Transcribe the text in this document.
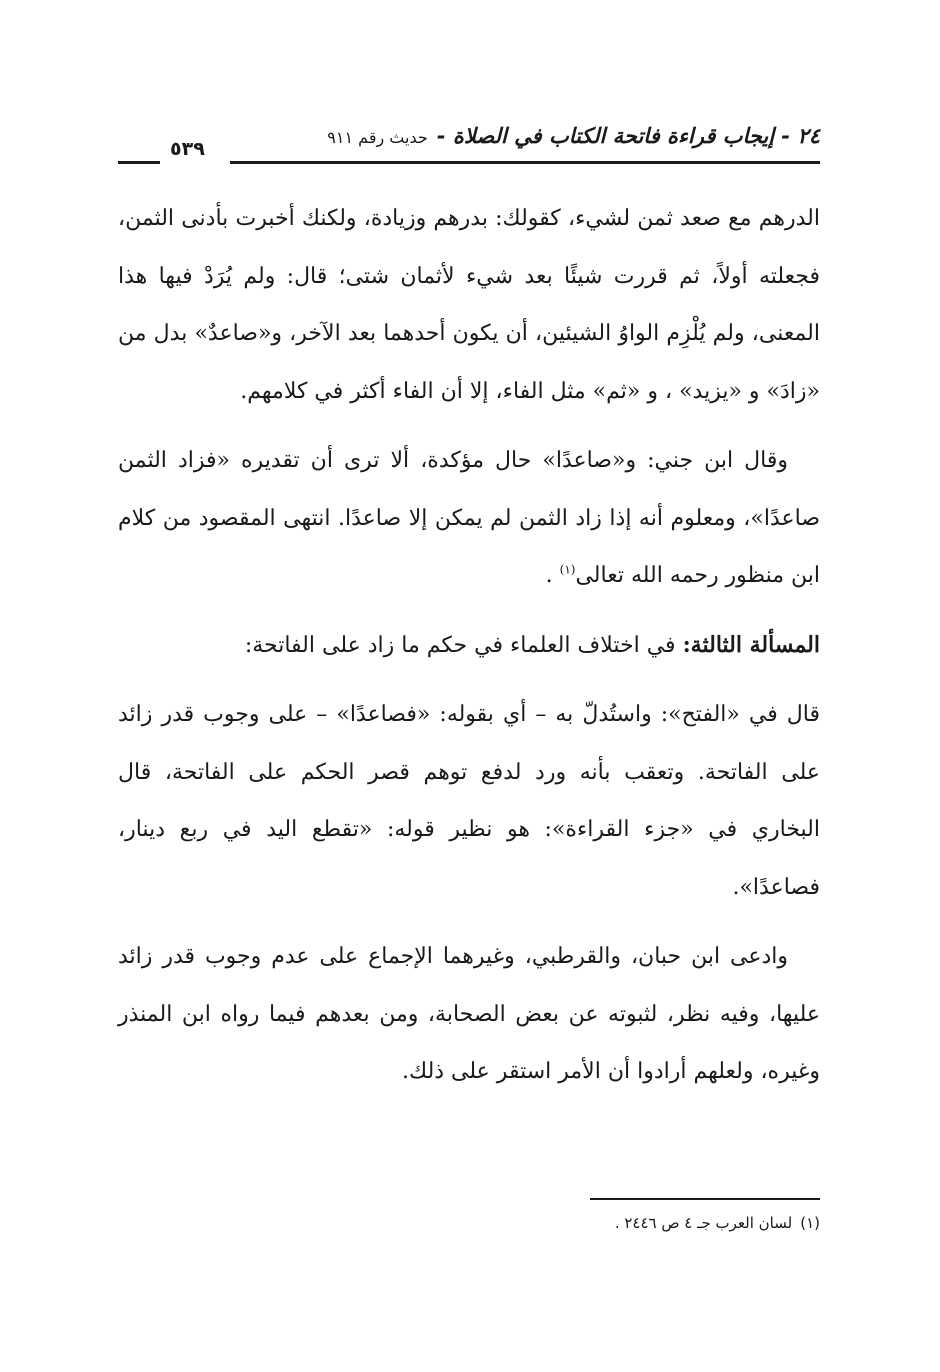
٢٤ - إيجاب قراءة فاتحة الكتاب في الصلاة - حديث رقم ٩١١
٥٣٩

الدرهم مع صعد ثمن لشيء، كقولك: بدرهم وزيادة، ولكنك أخبرت بأدنى الثمن، فجعلته أولاً، ثم قررت شيئًا بعد شيء لأثمان شتى؛ قال: ولم يُرَدْ فيها هذا المعنى، ولم يُلْزِم الواوُ الشيئين، أن يكون أحدهما بعد الآخر، و«صاعدٌ» بدل من «زادَ» و «يزيد» ، و «ثم» مثل الفاء، إلا أن الفاء أكثر في كلامهم.

وقال ابن جني: و«صاعدًا» حال مؤكدة، ألا ترى أن تقديره «فزاد الثمن صاعدًا»، ومعلوم أنه إذا زاد الثمن لم يمكن إلا صاعدًا. انتهى المقصود من كلام ابن منظور رحمه الله تعالى$^{(١)}$ .

المسألة الثالثة: في اختلاف العلماء في حكم ما زاد على الفاتحة:

قال في «الفتح»: واستُدلّ به – أي بقوله: «فصاعدًا» – على وجوب قدر زائد على الفاتحة. وتعقب بأنه ورد لدفع توهم قصر الحكم على الفاتحة، قال البخاري في «جزء القراءة»: هو نظير قوله: «تقطع اليد في ربع دينار، فصاعدًا».

وادعى ابن حبان، والقرطبي، وغيرهما الإجماع على عدم وجوب قدر زائد عليها، وفيه نظر، لثبوته عن بعض الصحابة، ومن بعدهم فيما رواه ابن المنذر وغيره، ولعلهم أرادوا أن الأمر استقر على ذلك.

(١)لسان العرب جـ ٤ ص ٢٤٤٦ .
